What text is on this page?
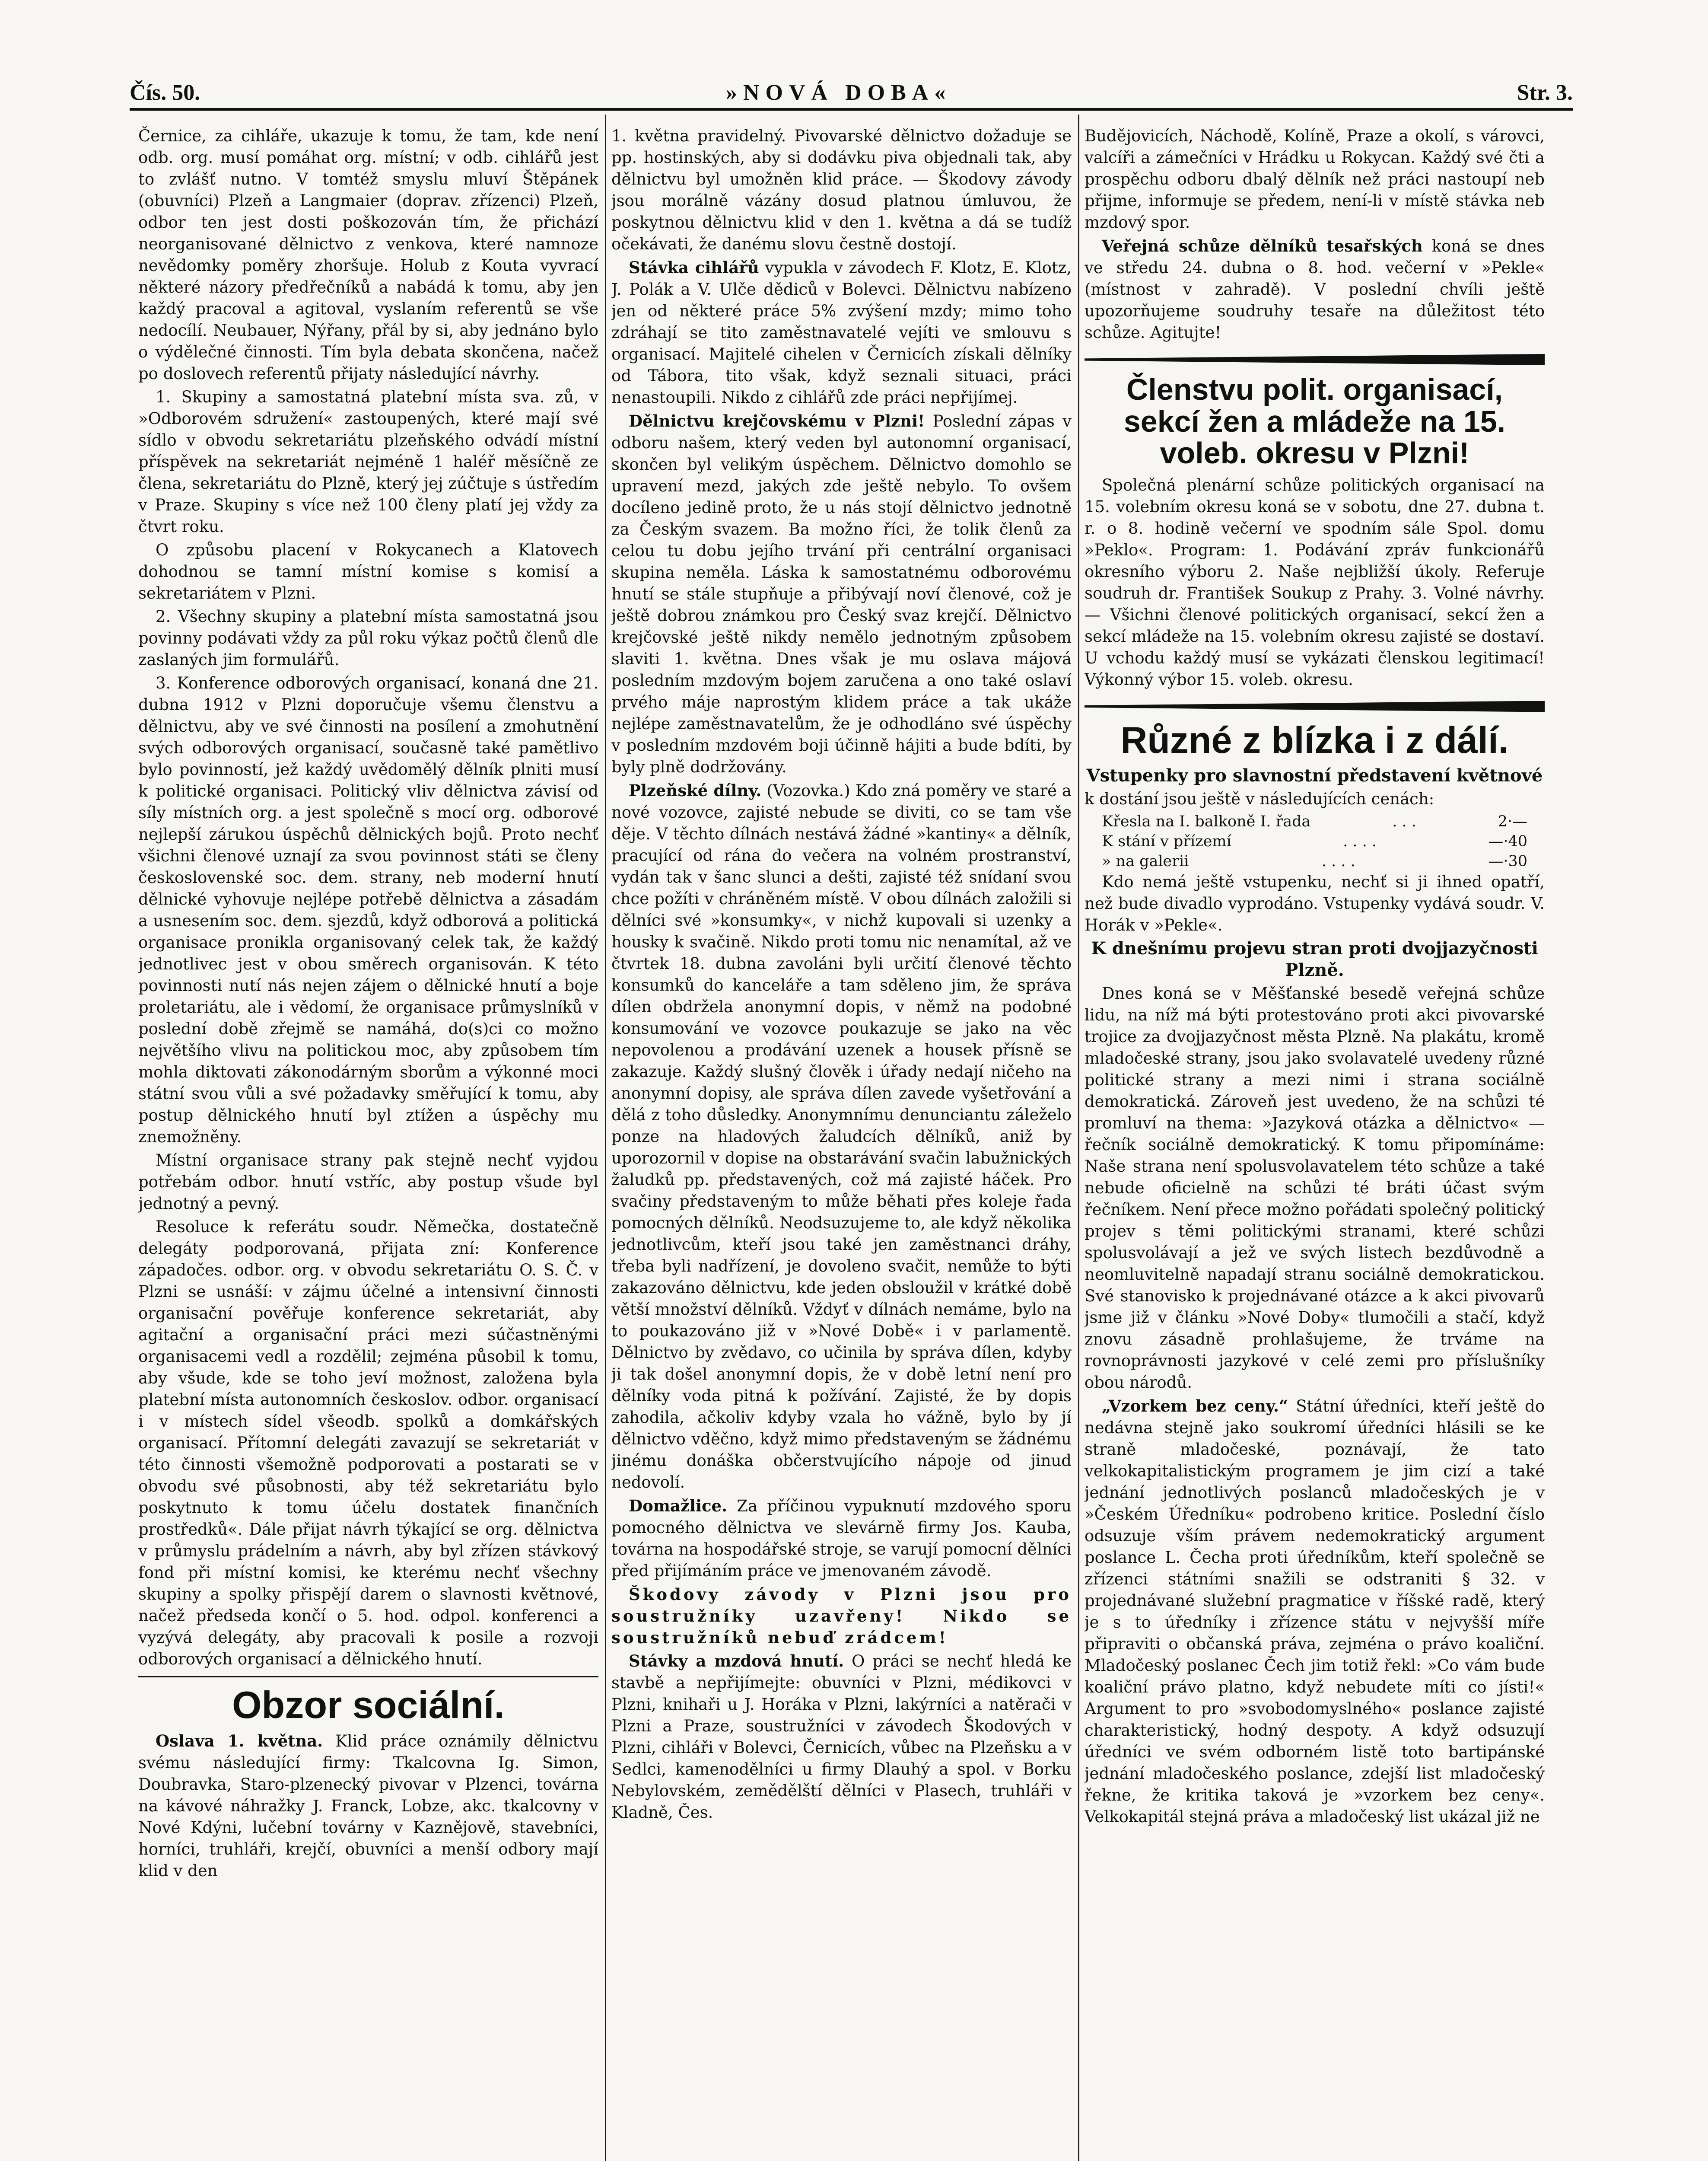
Čís. 50.	»NOVÁ DOBA«	Str. 3.

Černice, za cihláře, ukazuje k tomu, že tam, kde není odb. org. musí pomáhat org. místní; v odb. cihlářů jest to zvlášť nutno. V tomtéž smyslu mluví Štěpánek (obuvníci) Plzeň a Langmaier (doprav. zřízenci) Plzeň, odbor ten jest dosti poškozován tím, že přichází neorganisované dělnictvo z venkova, které namnoze nevědomky poměry zhoršuje. Holub z Kouta vyvrací některé názory předřečníků a nabádá k tomu, aby jen každý pracoval a agitoval, vyslaním referentů se vše nedocílí. Neubauer, Nýřany, přál by si, aby jednáno bylo o výdělečné činnosti. Tím byla debata skončena, načež po doslovech referentů přijaty následující návrhy.

1. Skupiny a samostatná platební místa sva. zů, v »Odborovém sdružení« zastoupených, které mají své sídlo v obvodu sekretariátu plzeňského odvádí místní příspěvek na sekretariát nejméně 1 haléř měsíčně ze člena, sekretariátu do Plzně, který jej zúčtuje s ústředím v Praze. Skupiny s více než 100 členy platí jej vždy za čtvrt roku.

O způsobu placení v Rokycanech a Klatovech dohodnou se tamní místní komise s komisí a sekretariátem v Plzni.

2. Všechny skupiny a platební místa samostatná jsou povinny podávati vždy za půl roku výkaz počtů členů dle zaslaných jim formulářů.

3. Konference odborových organisací, konaná dne 21. dubna 1912 v Plzni doporučuje všemu členstvu a dělnictvu, aby ve své činnosti na posílení a zmohutnění svých odborových organisací, současně také pamětlivo bylo povinností, jež každý uvědomělý dělník plniti musí k politické organisaci. Politický vliv dělnictva závisí od síly místních org. a jest společně s mocí org. odborové nejlepší zárukou úspěchů dělnických bojů. Proto nechť všichni členové uznají za svou povinnost státi se členy československé soc. dem. strany, neb moderní hnutí dělnické vyhovuje nejlépe potřebě dělnictva a zásadám a usnesením soc. dem. sjezdů, když odborová a politická organisace pronikla organisovaný celek tak, že každý jednotlivec jest v obou směrech organisován. K této povinnosti nutí nás nejen zájem o dělnické hnutí a boje proletariátu, ale i vědomí, že organisace průmyslníků v poslední době zřejmě se namáhá, do(s)ci co možno největšího vlivu na politickou moc, aby způsobem tím mohla diktovati zákonodárným sborům a výkonné moci státní svou vůli a své požadavky směřující k tomu, aby postup dělnického hnutí byl ztížen a úspěchy mu znemožněny.

Místní organisace strany pak stejně nechť vyjdou potřebám odbor. hnutí vstříc, aby postup všude byl jednotný a pevný.

Resoluce k referátu soudr. Němečka, dostatečně delegáty podporovaná, přijata zní: Konference západočes. odbor. org. v obvodu sekretariátu O. S. Č. v Plzni se usnáší: v zájmu účelné a intensivní činnosti organisační pověřuje konference sekretariát, aby agitační a organisační práci mezi súčastněnými organisacemi vedl a rozdělil; zejména působil k tomu, aby všude, kde se toho jeví možnost, založena byla platební místa autonomních českoslov. odbor. organisací i v místech sídel všeodb. spolků a domkářských organisací. Přítomní delegáti zavazují se sekretariát v této činnosti všemožně podporovati a postarati se v obvodu své působnosti, aby též sekretariátu bylo poskytnuto k tomu účelu dostatek finančních prostředků«. Dále přijat návrh týkající se org. dělnictva v průmyslu prádelním a návrh, aby byl zřízen stávkový fond při místní komisi, ke kterému nechť všechny skupiny a spolky přispějí darem o slavnosti květnové, načež předseda končí o 5. hod. odpol. konferenci a vyzývá delegáty, aby pracovali k posile a rozvoji odborových organisací a dělnického hnutí.

Obzor sociální.

Oslava 1. května. Klid práce oznámily dělnictvu svému následující firmy: Tkalcovna Ig. Simon, Doubravka, Staro-plzenecký pivovar v Plzenci, továrna na kávové náhražky J. Franck, Lobze, akc. tkalcovny v Nové Kdýni, lučební továrny v Kaznějově, stavebníci, horníci, truhláři, krejčí, obuvníci a menší odbory mají klid v den

1. května pravidelný. Pivovarské dělnictvo dožaduje se pp. hostinských, aby si dodávku piva objednali tak, aby dělnictvu byl umožněn klid práce. — Škodovy závody jsou morálně vázány dosud platnou úmluvou, že poskytnou dělnictvu klid v den 1. května a dá se tudíž očekávati, že danému slovu čestně dostojí.

Stávka cihlářů vypukla v závodech F. Klotz, E. Klotz, J. Polák a V. Ulče dědiců v Bolevci. Dělnictvu nabízeno jen od některé práce 5% zvýšení mzdy; mimo toho zdráhají se tito zaměstnavatelé vejíti ve smlouvu s organisací. Majitelé cihelen v Černicích získali dělníky od Tábora, tito však, když seznali situaci, práci nenastoupili. Nikdo z cihlářů zde práci nepřijímej.

Dělnictvu krejčovskému v Plzni! Poslední zápas v odboru našem, který veden byl autonomní organisací, skončen byl velikým úspěchem. Dělnictvo domohlo se upravení mezd, jakých zde ještě nebylo. To ovšem docíleno jedině proto, že u nás stojí dělnictvo jednotně za Českým svazem. Ba možno říci, že tolik členů za celou tu dobu jejího trvání při centrální organisaci skupina neměla. Láska k samostatnému odborovému hnutí se stále stupňuje a přibývají noví členové, což je ještě dobrou známkou pro Český svaz krejčí. Dělnictvo krejčovské ještě nikdy nemělo jednotným způsobem slaviti 1. května. Dnes však je mu oslava májová posledním mzdovým bojem zaručena a ono také oslaví prvého máje naprostým klidem práce a tak ukáže nejlépe zaměstnavatelům, že je odhodláno své úspěchy v posledním mzdovém boji účinně hájiti a bude bdíti, by byly plně dodržovány.

Plzeňské dílny. (Vozovka.) Kdo zná poměry ve staré a nové vozovce, zajisté nebude se diviti, co se tam vše děje. V těchto dílnách nestává žádné »kantiny« a dělník, pracující od rána do večera na volném prostranství, vydán tak v šanc slunci a dešti, zajisté též snídaní svou chce požíti v chráněném místě. V obou dílnách založili si dělníci své »konsumky«, v nichž kupovali si uzenky a housky k svačině. Nikdo proti tomu nic nenamítal, až ve čtvrtek 18. dubna zavoláni byli určití členové těchto konsumků do kanceláře a tam sděleno jim, že správa dílen obdržela anonymní dopis, v němž na podobné konsumování ve vozovce poukazuje se jako na věc nepovolenou a prodávání uzenek a housek přísně se zakazuje. Každý slušný člověk i úřady nedají ničeho na anonymní dopisy, ale správa dílen zavede vyšetřování a dělá z toho důsledky. Anonymnímu denunciantu záleželo ponze na hladových žaludcích dělníků, aniž by uporozornil v dopise na obstarávání svačin labužnických žaludků pp. představených, což má zajisté háček. Pro svačiny představeným to může běhati přes koleje řada pomocných dělníků. Neodsuzujeme to, ale když několika jednotlivcům, kteří jsou také jen zaměstnanci dráhy, třeba byli nadřízení, je dovoleno svačit, nemůže to býti zakazováno dělnictvu, kde jeden obsloužil v krátké době větší množství dělníků. Vždyť v dílnách nemáme, bylo na to poukazováno již v »Nové Době« i v parlamentě. Dělnictvo by zvědavo, co učinila by správa dílen, kdyby ji tak došel anonymní dopis, že v době letní není pro dělníky voda pitná k požívání. Zajisté, že by dopis zahodila, ačkoliv kdyby vzala ho vážně, bylo by jí dělnictvo vděčno, když mimo představeným se žádnému jinému donáška občerstvujícího nápoje od jinud nedovolí.

Domažlice. Za příčinou vypuknutí mzdového sporu pomocného dělnictva ve slevárně firmy Jos. Kauba, továrna na hospodářské stroje, se varují pomocní dělníci před přijímáním práce ve jmenovaném závodě.

Škodovy závody v Plzni jsou pro soustružníky uzavřeny! Nikdo se soustružníků nebuď zrádcem!

Stávky a mzdová hnutí. O práci se nechť hledá ke stavbě a nepřijímejte: obuvníci v Plzni, médikovci v Plzni, knihaři u J. Horáka v Plzni, lakýrníci a natěrači v Plzni a Praze, soustružníci v závodech Škodových v Plzni, cihláři v Bolevci, Černicích, vůbec na Plzeňsku a v Sedlci, kamenodělníci u firmy Dlauhý a spol. v Borku Nebylovském, zemědělští dělníci v Plasech, truhláři v Kladně, Čes.

Budějovicích, Náchodě, Kolíně, Praze a okolí, s várovci, valcíři a zámečníci v Hrádku u Rokycan. Každý své čti a prospěchu odboru dbalý dělník než práci nastoupí neb přijme, informuje se předem, není-li v místě stávka neb mzdový spor.

Veřejná schůze dělníků tesařských koná se dnes ve středu 24. dubna o 8. hod. večerní v »Pekle« (místnost v zahradě). V poslední chvíli ještě upozorňujeme soudruhy tesaře na důležitost této schůze. Agitujte!

Členstvu polit. organisací, sekcí žen a mládeže na 15. voleb. okresu v Plzni!

Společná plenární schůze politických organisací na 15. volebním okresu koná se v sobotu, dne 27. dubna t. r. o 8. hodině večerní ve spodním sále Spol. domu »Peklo«. Program: 1. Podávání zpráv funkcionářů okresního výboru 2. Naše nejbližší úkoly. Referuje soudruh dr. František Soukup z Prahy. 3. Volné návrhy. — Všichni členové politických organisací, sekcí žen a sekcí mládeže na 15. volebním okresu zajisté se dostaví. U vchodu každý musí se vykázati členskou legitimací! Výkonný výbor 15. voleb. okresu.

Různé z blízka i z dálí.

Vstupenky pro slavnostní představení květnové

k dostání jsou ještě v následujících cenách:

Křesla na I. balkoně I. řada	. . .	2·—
K stání v přízemí	. . . .	—·40
» na galerii	. . . .	—·30

Kdo nemá ještě vstupenku, nechť si ji ihned opatří, než bude divadlo vyprodáno. Vstupenky vydává soudr. V. Horák v »Pekle«.

K dnešnímu projevu stran proti dvojjazyčnosti Plzně.

Dnes koná se v Měšťanské besedě veřejná schůze lidu, na níž má býti protestováno proti akci pivovarské trojice za dvojjazyčnost města Plzně. Na plakátu, kromě mladočeské strany, jsou jako svolavatelé uvedeny různé politické strany a mezi nimi i strana sociálně demokratická. Zároveň jest uvedeno, že na schůzi té promluví na thema: »Jazyková otázka a dělnictvo« — řečník sociálně demokratický. K tomu připomínáme: Naše strana není spolusvolavatelem této schůze a také nebude oficielně na schůzi té bráti účast svým řečníkem. Není přece možno pořádati společný politický projev s těmi politickými stranami, které schůzi spolusvolávají a jež ve svých listech bezdůvodně a neomluvitelně napadají stranu sociálně demokratickou. Své stanovisko k projednávané otázce a k akci pivovarů jsme již v článku »Nové Doby« tlumočili a stačí, když znovu zásadně prohlašujeme, že trváme na rovnoprávnosti jazykové v celé zemi pro příslušníky obou národů.

„Vzorkem bez ceny.“ Státní úředníci, kteří ještě do nedávna stejně jako soukromí úředníci hlásili se ke straně mladočeské, poznávají, že tato velkokapitalistickým programem je jim cizí a také jednání jednotlivých poslanců mladočeských je v »Českém Úředníku« podrobeno kritice. Poslední číslo odsuzuje vším právem nedemokratický argument poslance L. Čecha proti úředníkům, kteří společně se zřízenci státními snažili se odstraniti § 32. v projednávané služební pragmatice v říšské radě, který je s to úředníky i zřízence státu v nejvyšší míře připraviti o občanská práva, zejména o právo koaliční. Mladočeský poslanec Čech jim totiž řekl: »Co vám bude koaliční právo platno, když nebudete míti co jísti!« Argument to pro »svobodomyslného« poslance zajisté charakteristický, hodný despoty. A když odsuzují úředníci ve svém odborném listě toto bartipánské jednání mladočeského poslance, zdejší list mladočeský řekne, že kritika taková je »vzorkem bez ceny«. Velkokapitál stejná práva a mladočeský list ukázal již ne
